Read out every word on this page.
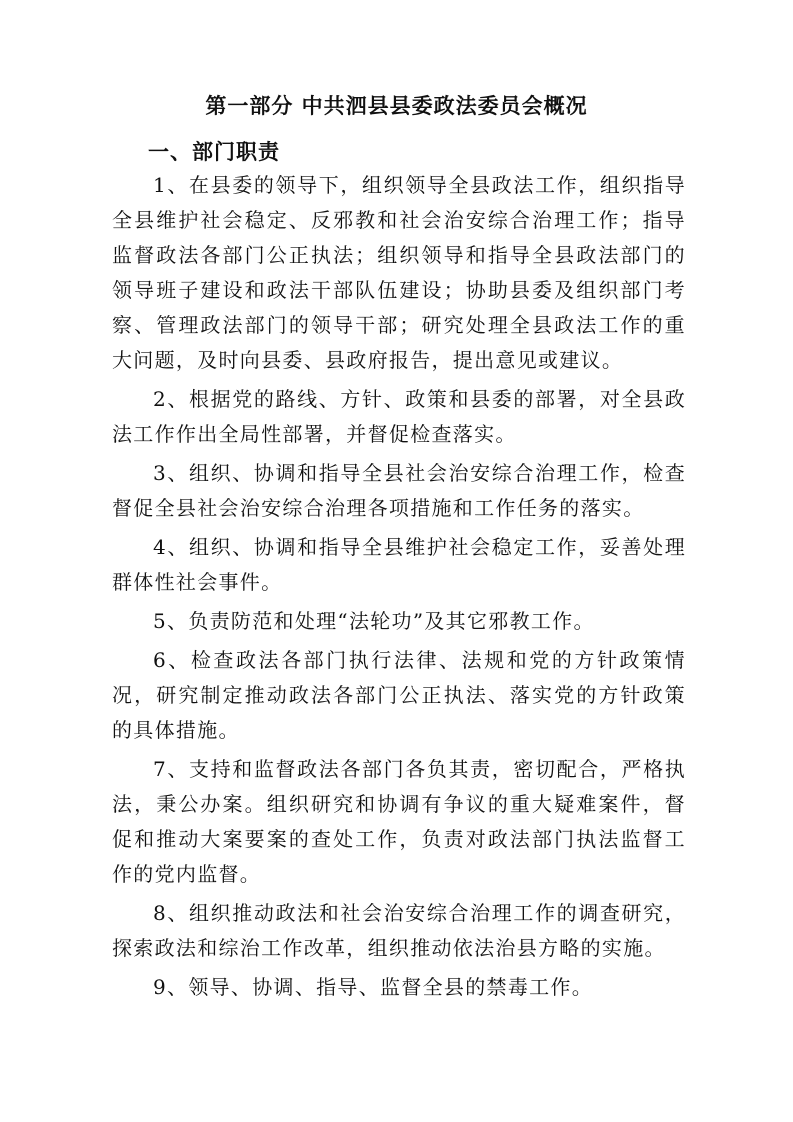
第一部分 中共泗县县委政法委员会概况
一、部门职责

1、在县委的领导下，组织领导全县政法工作，组织指导全县维护社会稳定、反邪教和社会治安综合治理工作；指导监督政法各部门公正执法；组织领导和指导全县政法部门的领导班子建设和政法干部队伍建设；协助县委及组织部门考察、管理政法部门的领导干部；研究处理全县政法工作的重大问题，及时向县委、县政府报告，提出意见或建议。

2、根据党的路线、方针、政策和县委的部署，对全县政法工作作出全局性部署，并督促检查落实。

3、组织、协调和指导全县社会治安综合治理工作，检查督促全县社会治安综合治理各项措施和工作任务的落实。

4、组织、协调和指导全县维护社会稳定工作，妥善处理群体性社会事件。

5、负责防范和处理“法轮功”及其它邪教工作。

6、检查政法各部门执行法律、法规和党的方针政策情况，研究制定推动政法各部门公正执法、落实党的方针政策的具体措施。

7、支持和监督政法各部门各负其责，密切配合，严格执法，秉公办案。组织研究和协调有争议的重大疑难案件，督促和推动大案要案的查处工作，负责对政法部门执法监督工作的党内监督。

8、组织推动政法和社会治安综合治理工作的调查研究，探索政法和综治工作改革，组织推动依法治县方略的实施。

9、领导、协调、指导、监督全县的禁毒工作。
